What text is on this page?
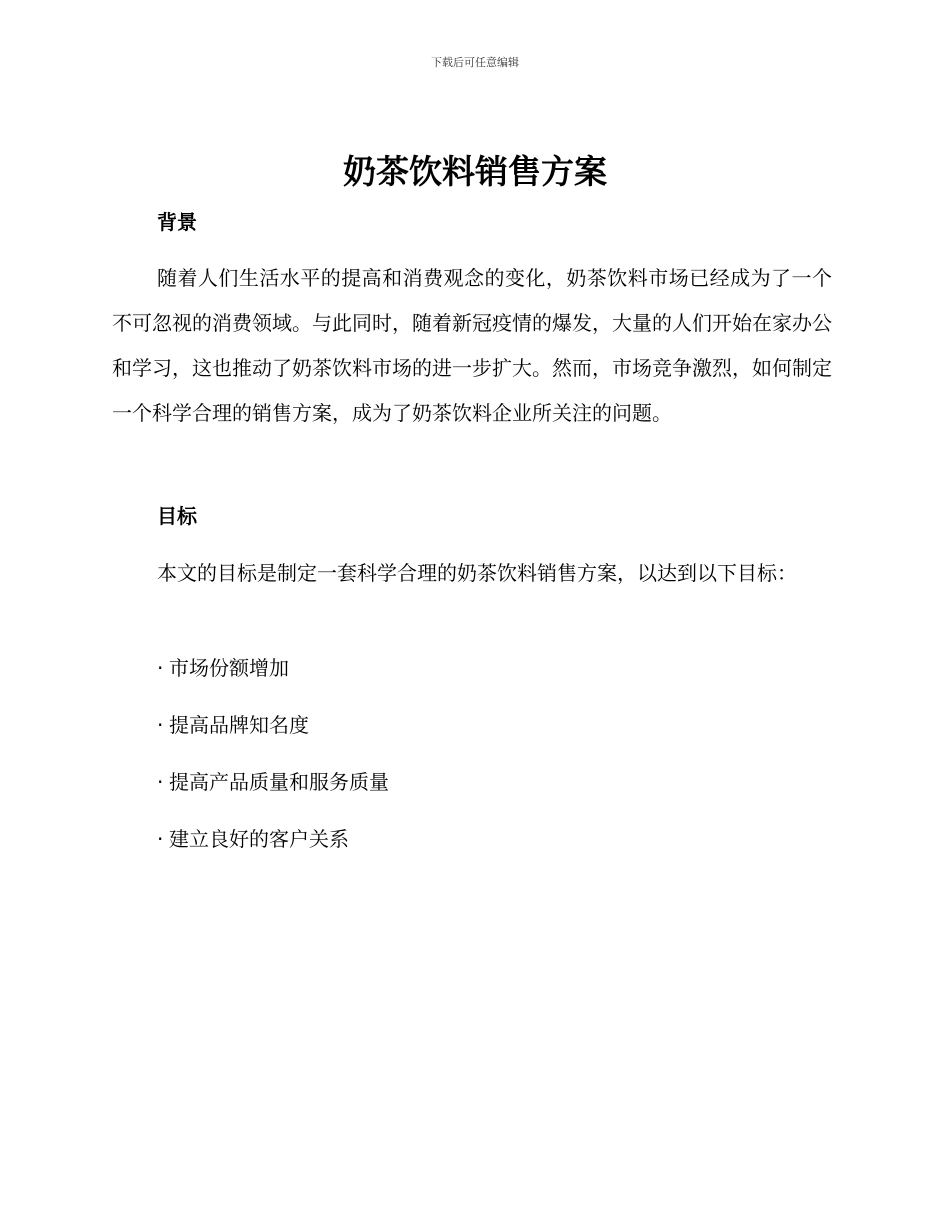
下载后可任意编辑
奶茶饮料销售方案
背景

随着人们生活水平的提高和消费观念的变化，奶茶饮料市场已经成为了一个不可忽视的消费领域。与此同时，随着新冠疫情的爆发，大量的人们开始在家办公和学习，这也推动了奶茶饮料市场的进一步扩大。然而，市场竞争激烈，如何制定一个科学合理的销售方案，成为了奶茶饮料企业所关注的问题。

目标

本文的目标是制定一套科学合理的奶茶饮料销售方案，以达到以下目标：

· 市场份额增加
· 提高品牌知名度
· 提高产品质量和服务质量
· 建立良好的客户关系
